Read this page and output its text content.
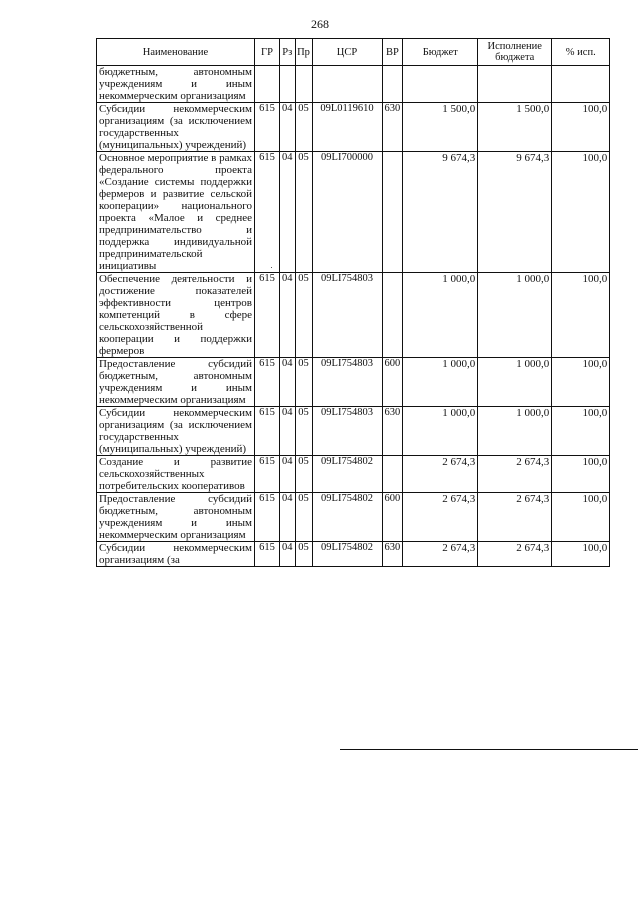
268
Наименование	ГР	Рз	Пр	ЦСР	ВР	Бюджет	Исполнение бюджета	% исп.
бюджетным, автономным учреждениям и иным некоммерческим организациям								
Субсидии некоммерческим организациям (за исключением государственных (муниципальных) учреждений)	615	04	05	09L0119610	630	1 500,0	1 500,0	100,0
Основное мероприятие в рамках федерального проекта «Создание системы поддержки фермеров и развитие сельской кооперации» национального проекта «Малое и среднее предпринимательство и поддержка индивидуальной предпринимательской инициативы	615	04	05	09LI700000		9 674,3	9 674,3	100,0
Обеспечение деятельности и достижение показателей эффективности центров компетенций в сфере сельскохозяйственной кооперации и поддержки фермеров	615	04	05	09LI754803		1 000,0	1 000,0	100,0
Предоставление субсидий бюджетным, автономным учреждениям и иным некоммерческим организациям	615	04	05	09LI754803	600	1 000,0	1 000,0	100,0
Субсидии некоммерческим организациям (за исключением государственных (муниципальных) учреждений)	615	04	05	09LI754803	630	1 000,0	1 000,0	100,0
Создание и развитие сельскохозяйственных потребительских кооперативов	615	04	05	09LI754802		2 674,3	2 674,3	100,0
Предоставление субсидий бюджетным, автономным учреждениям и иным некоммерческим организациям	615	04	05	09LI754802	600	2 674,3	2 674,3	100,0
Субсидии некоммерческим организациям (за	615	04	05	09LI754802	630	2 674,3	2 674,3	100,0
